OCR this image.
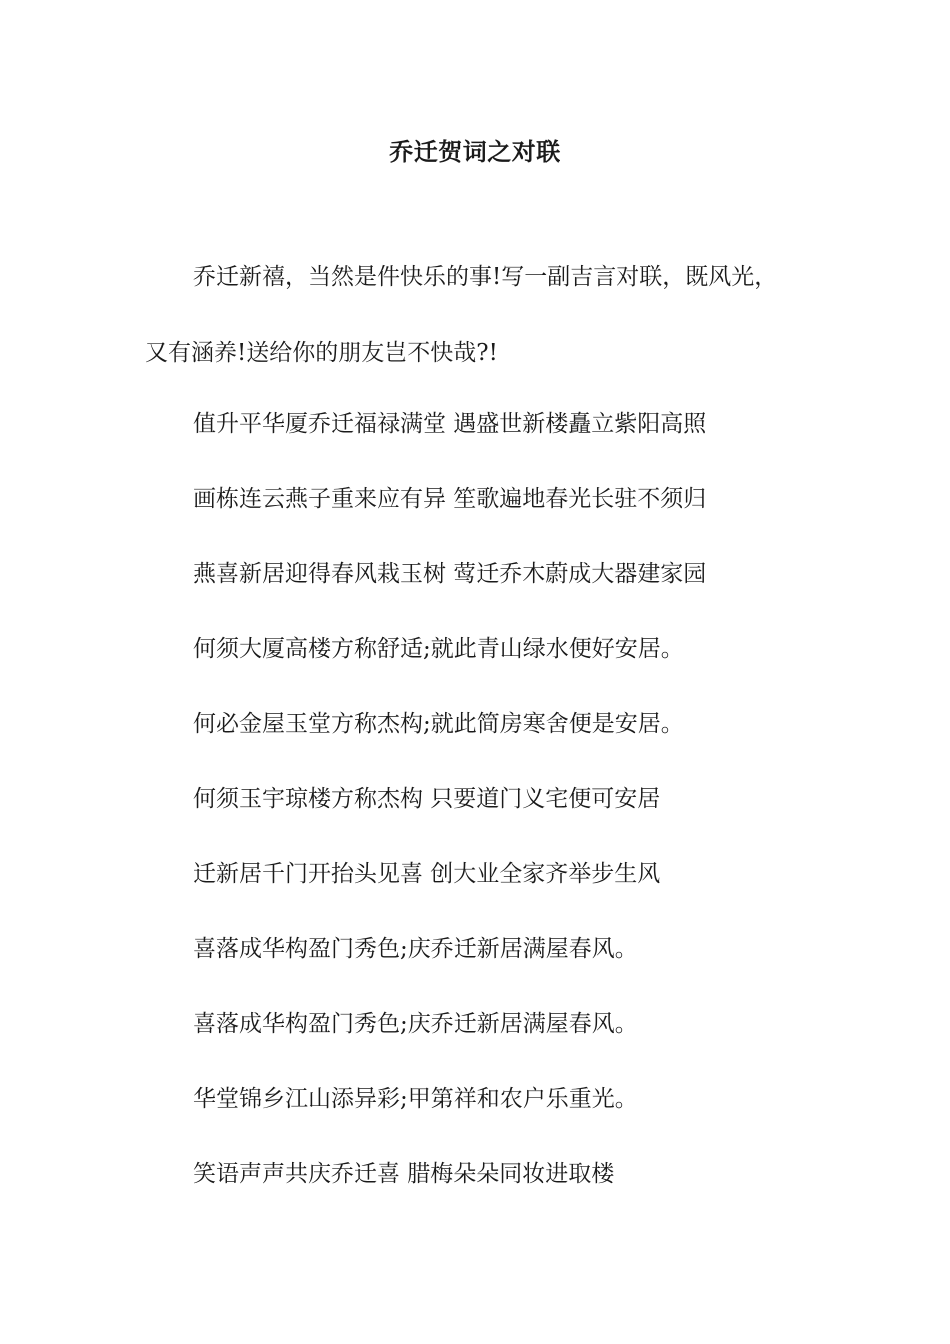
乔迁贺词之对联
乔迁新禧，当然是件快乐的事!写一副吉言对联，既风光，
又有涵养!送给你的朋友岂不快哉?!
值升平华厦乔迁福禄满堂 遇盛世新楼矗立紫阳高照
画栋连云燕子重来应有异 笙歌遍地春光长驻不须归
燕喜新居迎得春风栽玉树 莺迁乔木蔚成大器建家园
何须大厦高楼方称舒适;就此青山绿水便好安居。
何必金屋玉堂方称杰构;就此简房寒舍便是安居。
何须玉宇琼楼方称杰构 只要道门义宅便可安居
迁新居千门开抬头见喜 创大业全家齐举步生风
喜落成华构盈门秀色;庆乔迁新居满屋春风。
喜落成华构盈门秀色;庆乔迁新居满屋春风。
华堂锦乡江山添异彩;甲第祥和农户乐重光。
笑语声声共庆乔迁喜 腊梅朵朵同妆进取楼
